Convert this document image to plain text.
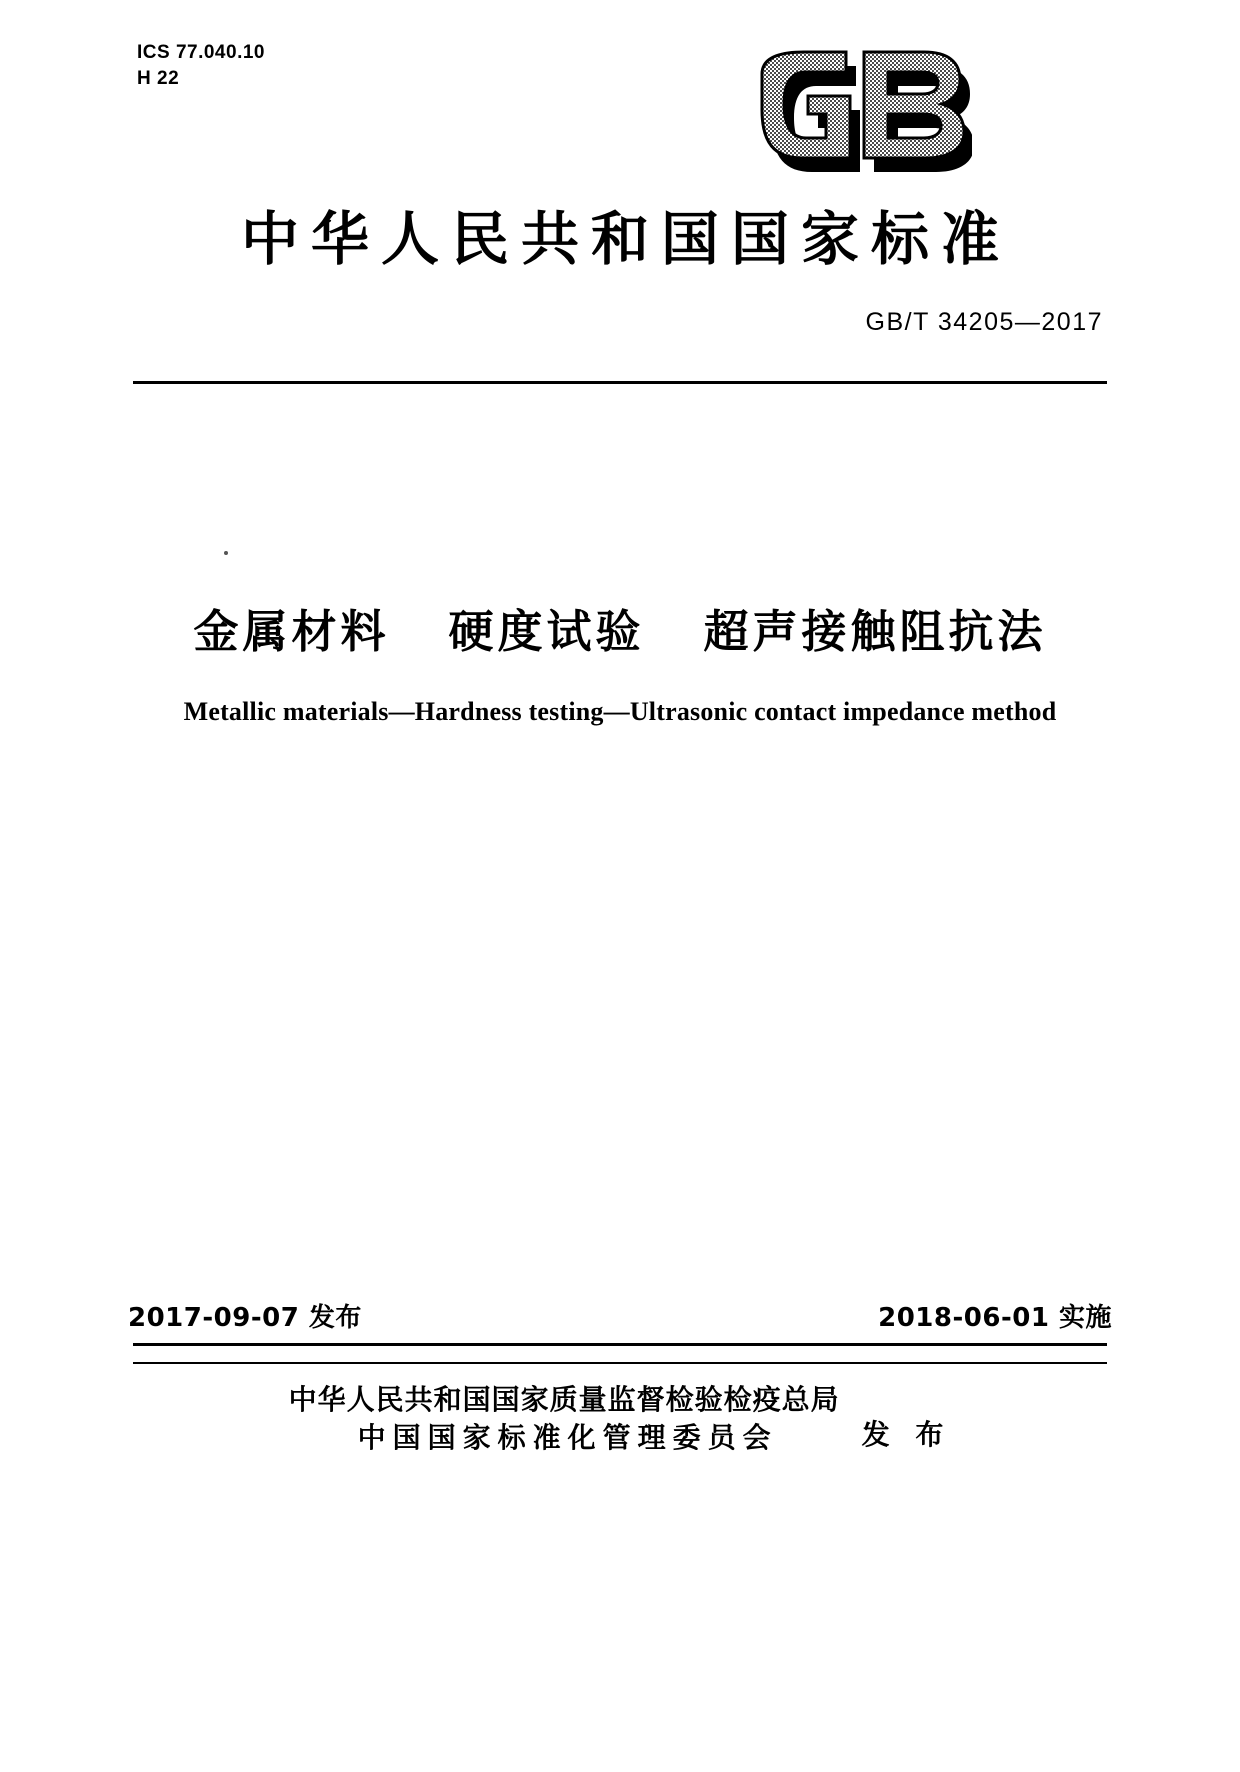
ICS 77.040.10
H 22
中华人民共和国国家标准
GB/T 34205—2017
金属材料   硬度试验   超声接触阻抗法
Metallic materials—Hardness testing—Ultrasonic contact impedance method
2017-09-07 发布	2018-06-01 实施
中华人民共和国国家质量监督检验检疫总局
中国国家标准化管理委员会	发 布
